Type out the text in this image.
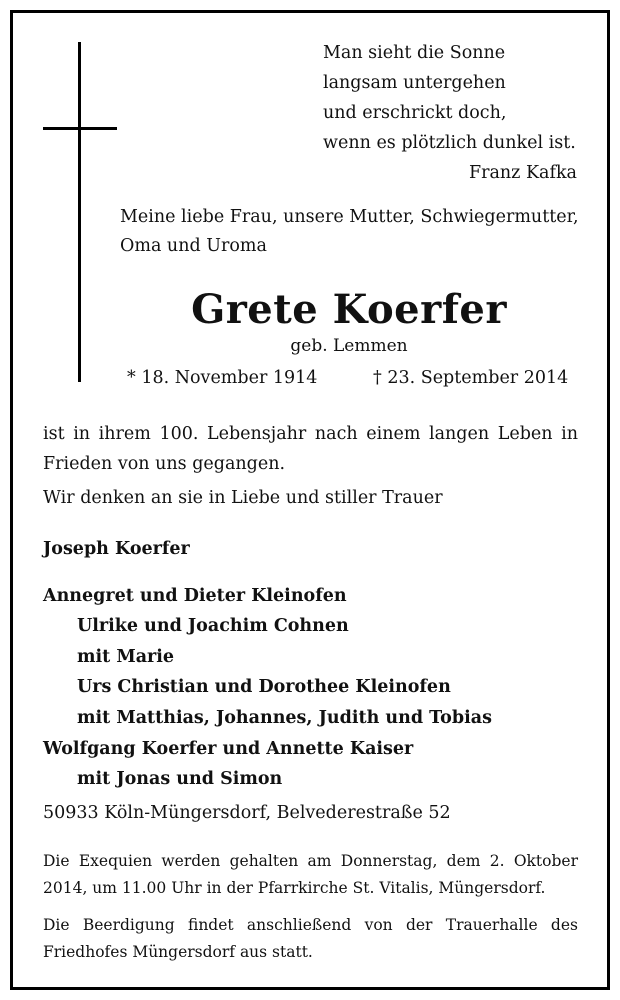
Man sieht die Sonne
langsam untergehen
und erschrickt doch,
wenn es plötzlich dunkel ist.
Franz Kafka
Meine liebe Frau, unsere Mutter, Schwiegermutter,
Oma und Uroma
Grete Koerfer
geb. Lemmen
* 18. November 1914	† 23. September 2014
ist in ihrem 100. Lebensjahr nach einem langen Leben in
Frieden von uns gegangen.
Wir denken an sie in Liebe und stiller Trauer
Joseph Koerfer
Annegret und Dieter Kleinofen
Ulrike und Joachim Cohnen
mit Marie
Urs Christian und Dorothee Kleinofen
mit Matthias, Johannes, Judith und Tobias
Wolfgang Koerfer und Annette Kaiser
mit Jonas und Simon
50933 Köln-Müngersdorf, Belvederestraße 52
Die Exequien werden gehalten am Donnerstag, dem 2. Oktober
2014, um 11.00 Uhr in der Pfarrkirche St. Vitalis, Müngersdorf.
Die Beerdigung findet anschließend von der Trauerhalle des
Friedhofes Müngersdorf aus statt.
